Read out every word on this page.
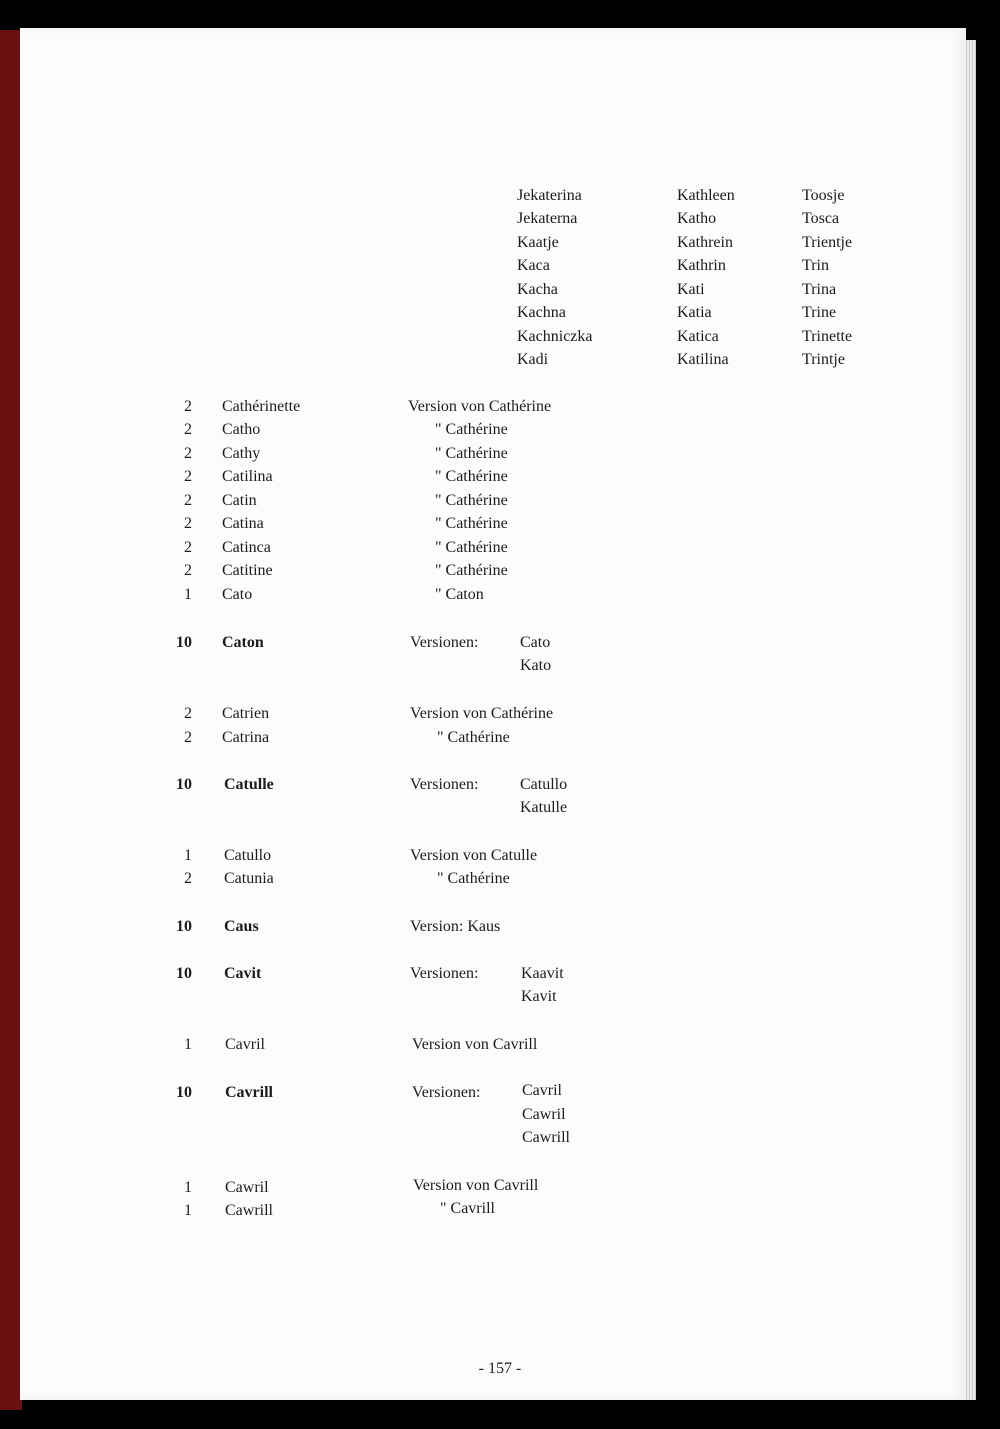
Jekaterina	Kathleen	Toosje
Jekaterna	Katho	Tosca
Kaatje	Kathrein	Trientje
Kaca	Kathrin	Trin
Kacha	Kati	Trina
Kachna	Katia	Trine
Kachniczka	Katica	Trinette
Kadi	Katilina	Trintje
2 Cathérinette	Version von Cathérine
2 Catho	" Cathérine
2 Cathy	" Cathérine
2 Catilina	" Cathérine
2 Catin	" Cathérine
2 Catina	" Cathérine
2 Catinca	" Cathérine
2 Catitine	" Cathérine
1 Cato	" Caton
10 Caton	Versionen:	Cato
Kato
2 Catrien	Version von Cathérine
2 Catrina	" Cathérine
10 Catulle	Versionen:	Catullo
Katulle
1 Catullo	Version von Catulle
2 Catunia	" Cathérine
10 Caus	Version: Kaus
10 Cavit	Versionen:	Kaavit
Kavit
1 Cavril	Version von Cavrill
10 Cavrill	Versionen:	Cavril
Cawril
Cawrill
1 Cawril	Version von Cavrill
1 Cawrill	" Cavrill
- 157 -
